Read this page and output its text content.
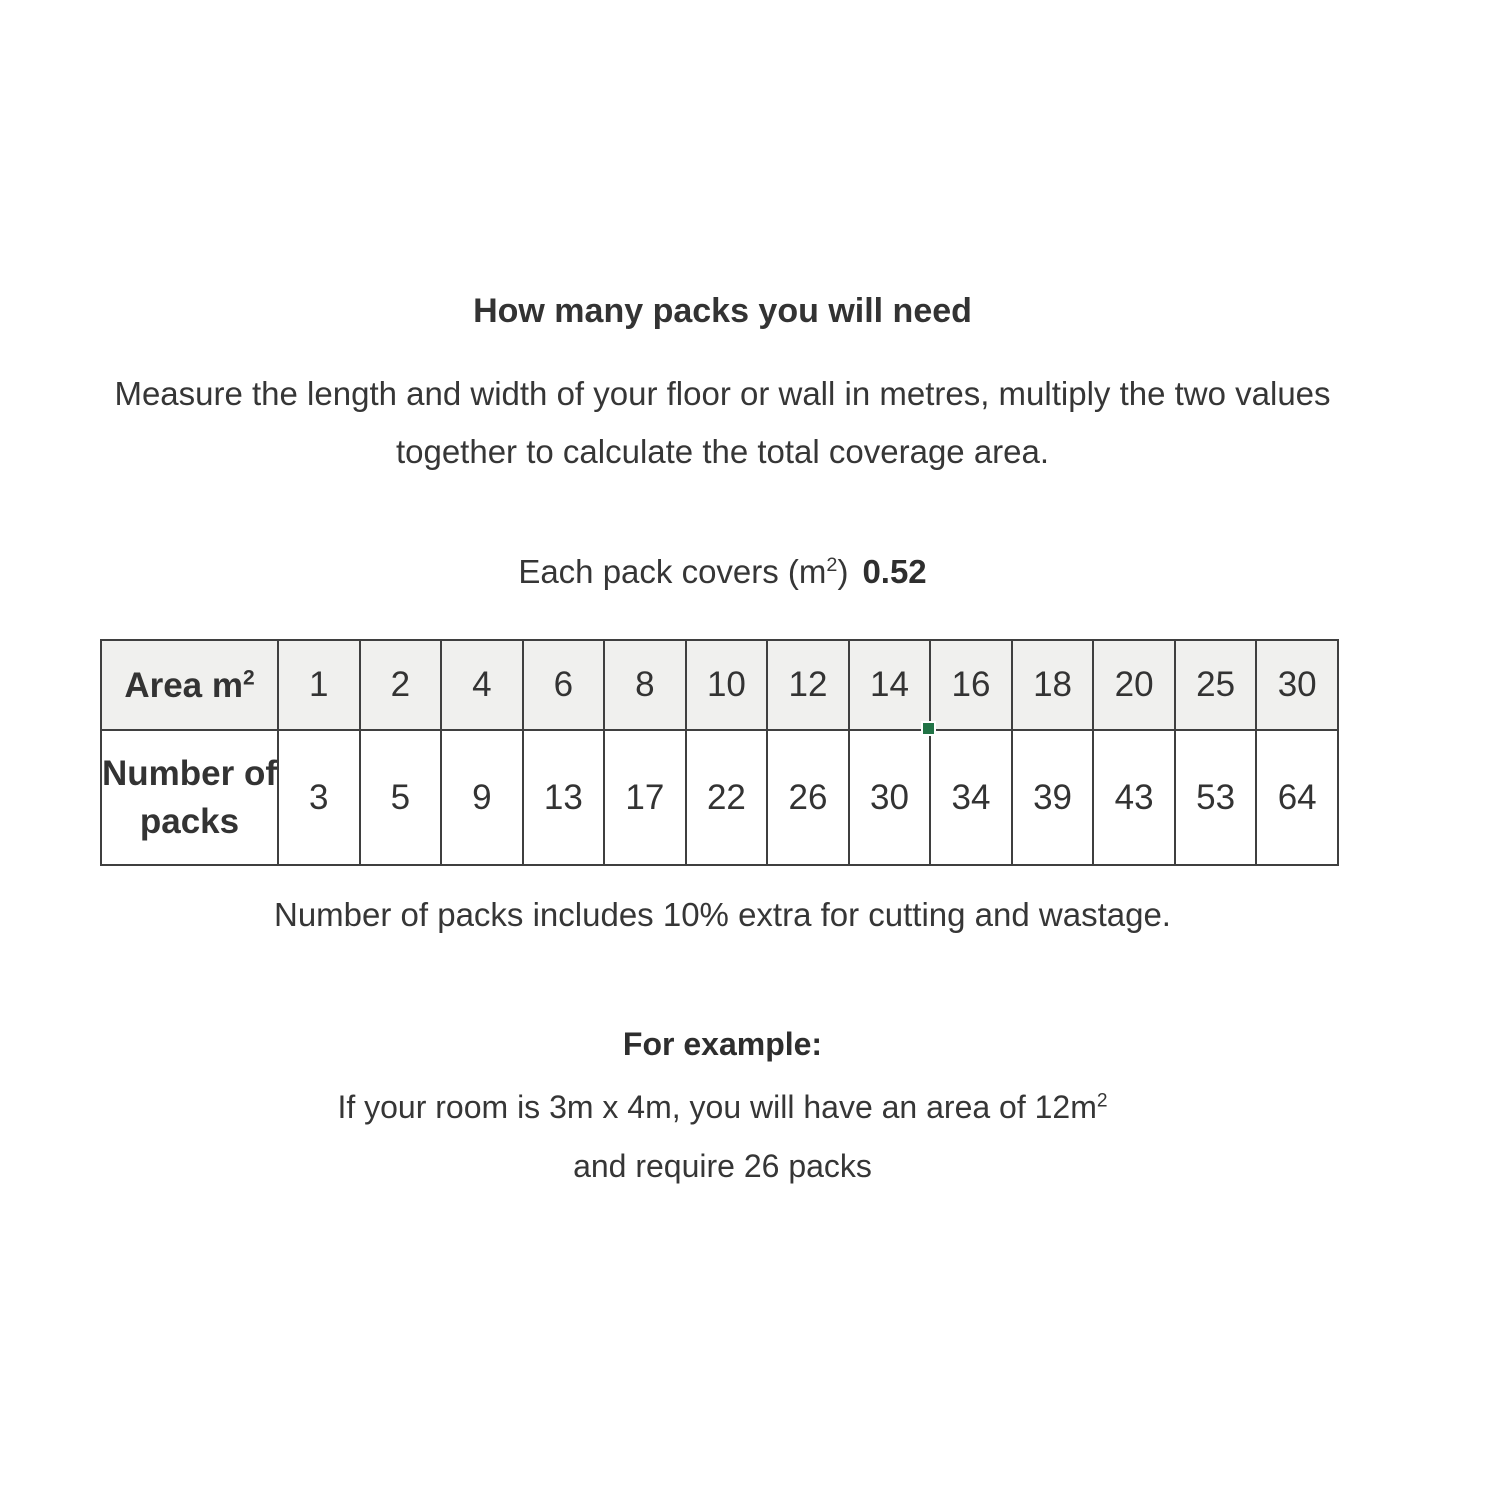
How many packs you will need

Measure the length and width of your floor or wall in metres, multiply the two values together to calculate the total coverage area.

Each pack covers $(m^2)$ 0.52

Area $m^2$	1	2	4	6	8	10	12	14	16	18	20	25	30
Number of packs	3	5	9	13	17	22	26	30	34	39	43	53	64

Number of packs includes 10% extra for cutting and wastage.

For example:

If your room is 3m x 4m, you will have an area of $12m^2$

and require 26 packs
